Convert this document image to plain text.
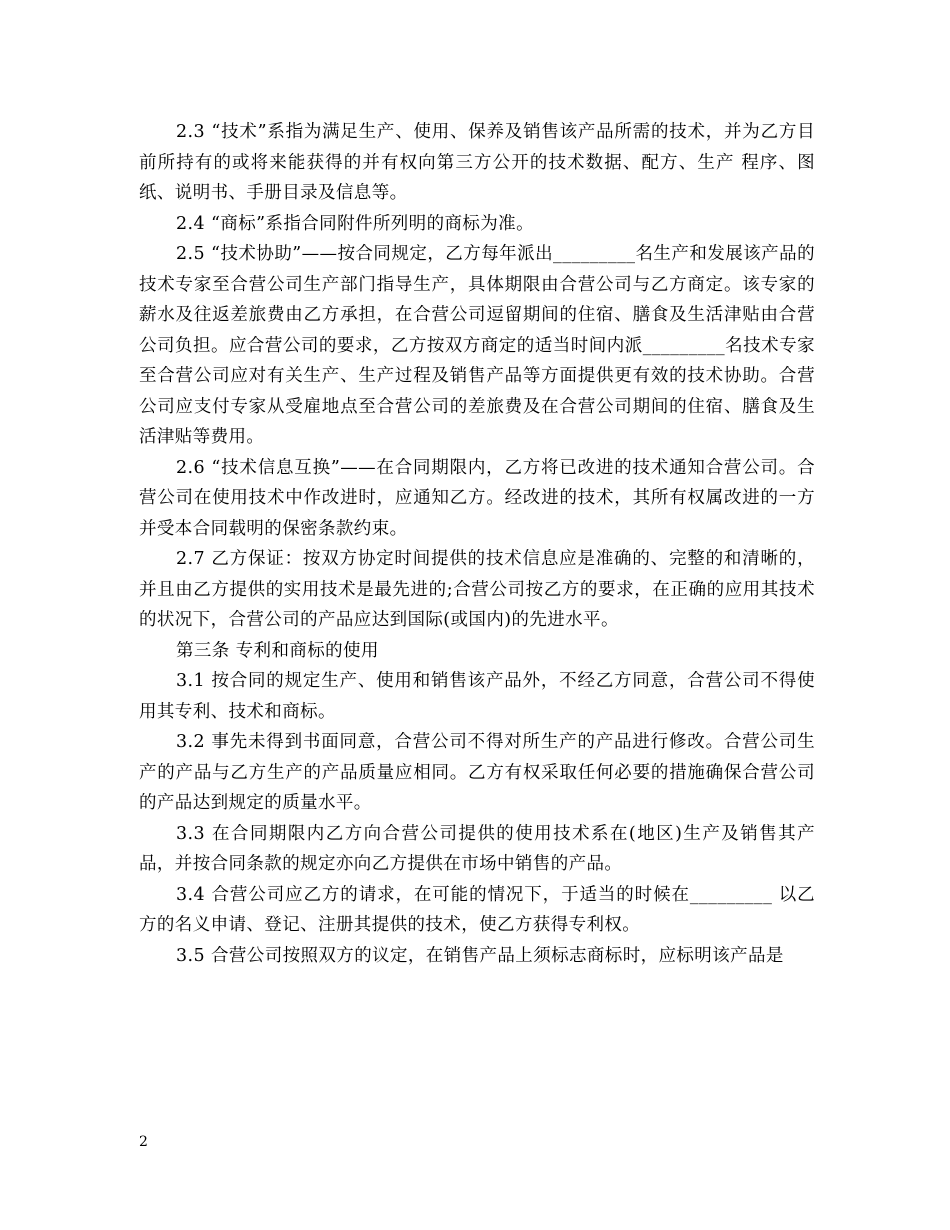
2.3 “技术”系指为满足生产、使用、保养及销售该产品所需的技术，并为乙方目前所持有的或将来能获得的并有权向第三方公开的技术数据、配方、生产 程序、图纸、说明书、手册目录及信息等。

2.4 “商标”系指合同附件所列明的商标为准。

2.5 “技术协助”——按合同规定，乙方每年派出_________名生产和发展该产品的技术专家至合营公司生产部门指导生产，具体期限由合营公司与乙方商定。该专家的薪水及往返差旅费由乙方承担，在合营公司逗留期间的住宿、膳食及生活津贴由合营公司负担。应合营公司的要求，乙方按双方商定的适当时间内派_________名技术专家至合营公司应对有关生产、生产过程及销售产品等方面提供更有效的技术协助。合营公司应支付专家从受雇地点至合营公司的差旅费及在合营公司期间的住宿、膳食及生活津贴等费用。

2.6 “技术信息互换”——在合同期限内，乙方将已改进的技术通知合营公司。合营公司在使用技术中作改进时，应通知乙方。经改进的技术，其所有权属改进的一方并受本合同载明的保密条款约束。

2.7 乙方保证：按双方协定时间提供的技术信息应是准确的、完整的和清晰的，并且由乙方提供的实用技术是最先进的;合营公司按乙方的要求，在正确的应用其技术的状况下，合营公司的产品应达到国际(或国内)的先进水平。

第三条 专利和商标的使用

3.1 按合同的规定生产、使用和销售该产品外，不经乙方同意，合营公司不得使用其专利、技术和商标。

3.2 事先未得到书面同意，合营公司不得对所生产的产品进行修改。合营公司生产的产品与乙方生产的产品质量应相同。乙方有权采取任何必要的措施确保合营公司的产品达到规定的质量水平。

3.3 在合同期限内乙方向合营公司提供的使用技术系在(地区)生产及销售其产品，并按合同条款的规定亦向乙方提供在市场中销售的产品。

3.4 合营公司应乙方的请求，在可能的情况下，于适当的时候在_________ 以乙方的名义申请、登记、注册其提供的技术，使乙方获得专利权。

3.5 合营公司按照双方的议定，在销售产品上须标志商标时，应标明该产品是

2
